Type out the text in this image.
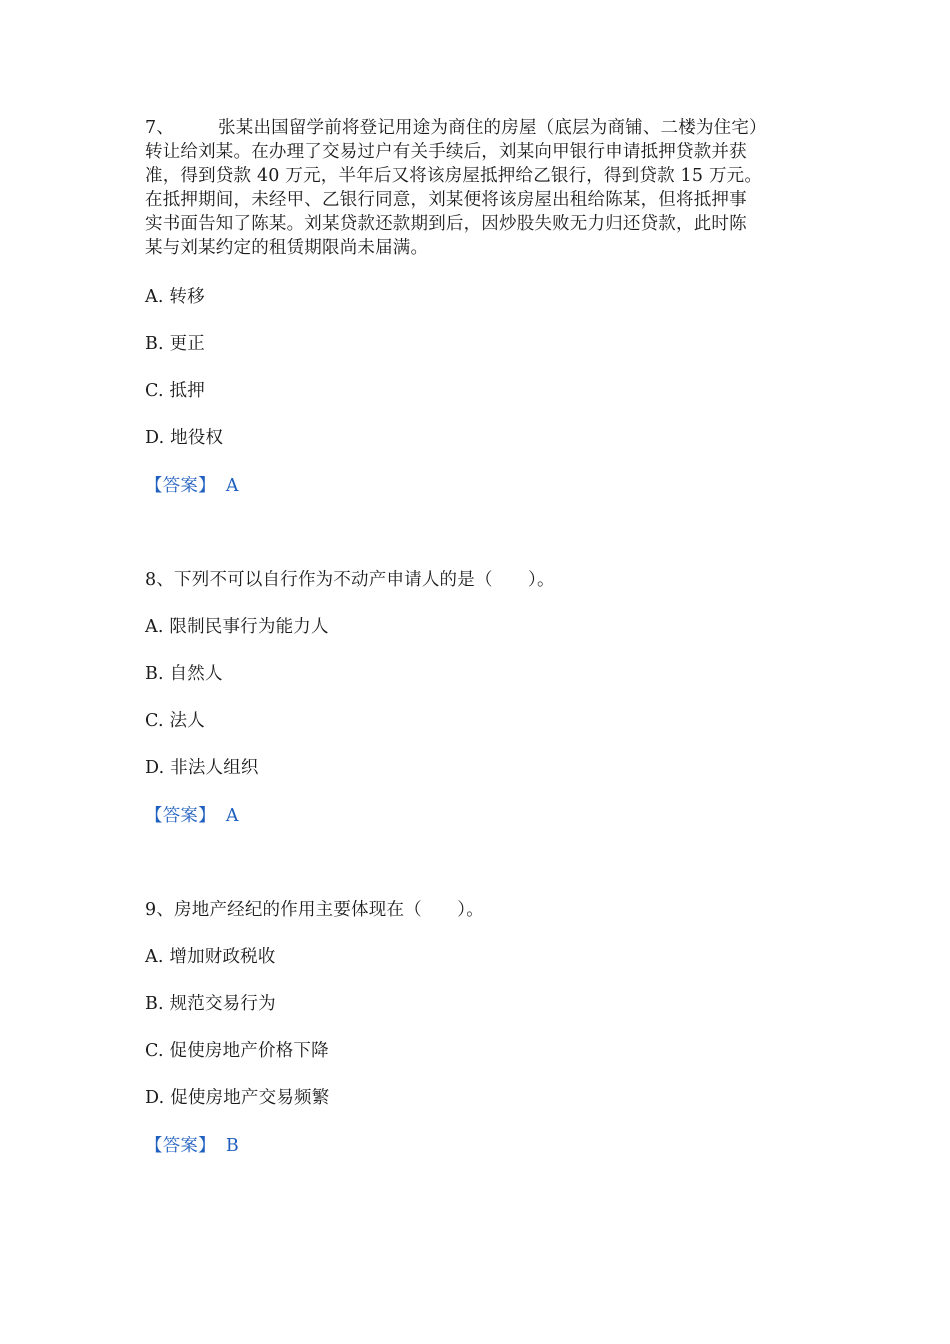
7、	张某出国留学前将登记用途为商住的房屋（底层为商铺、二楼为住宅）
转让给刘某。在办理了交易过户有关手续后，刘某向甲银行申请抵押贷款并获
准，得到贷款 40 万元，半年后又将该房屋抵押给乙银行，得到贷款 15 万元。
在抵押期间，未经甲、乙银行同意，刘某便将该房屋出租给陈某，但将抵押事
实书面告知了陈某。刘某贷款还款期到后，因炒股失败无力归还贷款，此时陈
某与刘某约定的租赁期限尚未届满。
A. 转移
B. 更正
C. 抵押
D. 地役权
【答案】 A
8、下列不可以自行作为不动产申请人的是（　　）。
A. 限制民事行为能力人
B. 自然人
C. 法人
D. 非法人组织
【答案】 A
9、房地产经纪的作用主要体现在（　　）。
A. 增加财政税收
B. 规范交易行为
C. 促使房地产价格下降
D. 促使房地产交易频繁
【答案】 B
